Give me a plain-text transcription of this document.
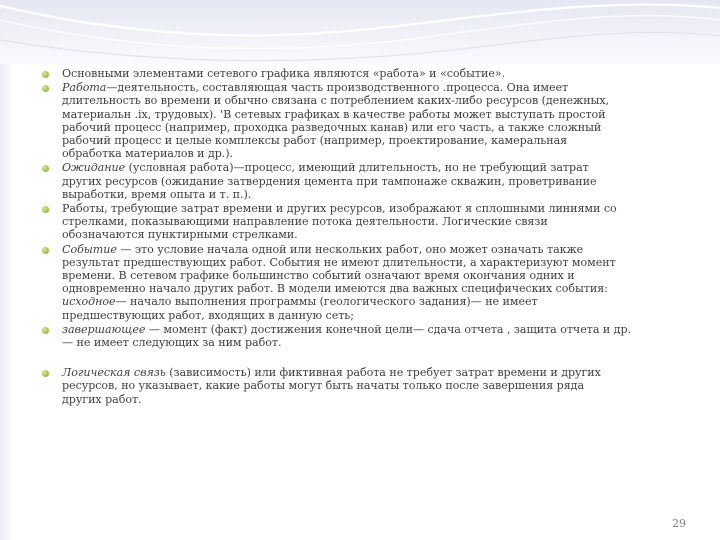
Основными элементами сетевого графика являются «работа» и «событие».
Работа—деятельность, составляющая часть производственного .процесса. Она имеет
длительность во времени и обычно связана с потреблением каких-либо ресурсов (денежных,
материальн .ix, трудовых). 'В сетевых графиках в качестве работы может выступать простой
рабочий процесс (например, проходка разведочных канав) или его часть, а также сложный
рабочий процесс и целые комплексы работ (например, проектирование, камеральная
обработка материалов и др.).
Ожидание (условная работа)—процесс, имеющий длительность, но не требующий затрат
других ресурсов (ожидание затвердения цемента при тампонаже скважин, проветривание
выработки, время опыта и т. п.).
Работы, требующие затрат времени и других ресурсов, изображают я сплошными линиями со
стрелками, показывающими направление потока деятельности. Логические связи
обозначаются пунктирными стрелками.
Событие — это условие начала одной или нескольких работ, оно может означать также
результат предшествующих работ. События не имеют длительности, а характеризуют момент
времени. В сетевом графике большинство событий означают время окончания одних и
одновременно начало других работ. В модели имеются два важных специфических события:
исходное— начало выполнения программы (геологического задания)— не имеет
предшествующих работ, входящих в данную сеть;
завершающее — момент (факт) достижения конечной цели— сдача отчета , защита отчета и др.
— не имеет следующих за ним работ.
Логическая связь (зависимость) или фиктивная работа не требует затрат времени и других
ресурсов, но указывает, какие работы могут быть начаты только после завершения ряда
других работ.
29
